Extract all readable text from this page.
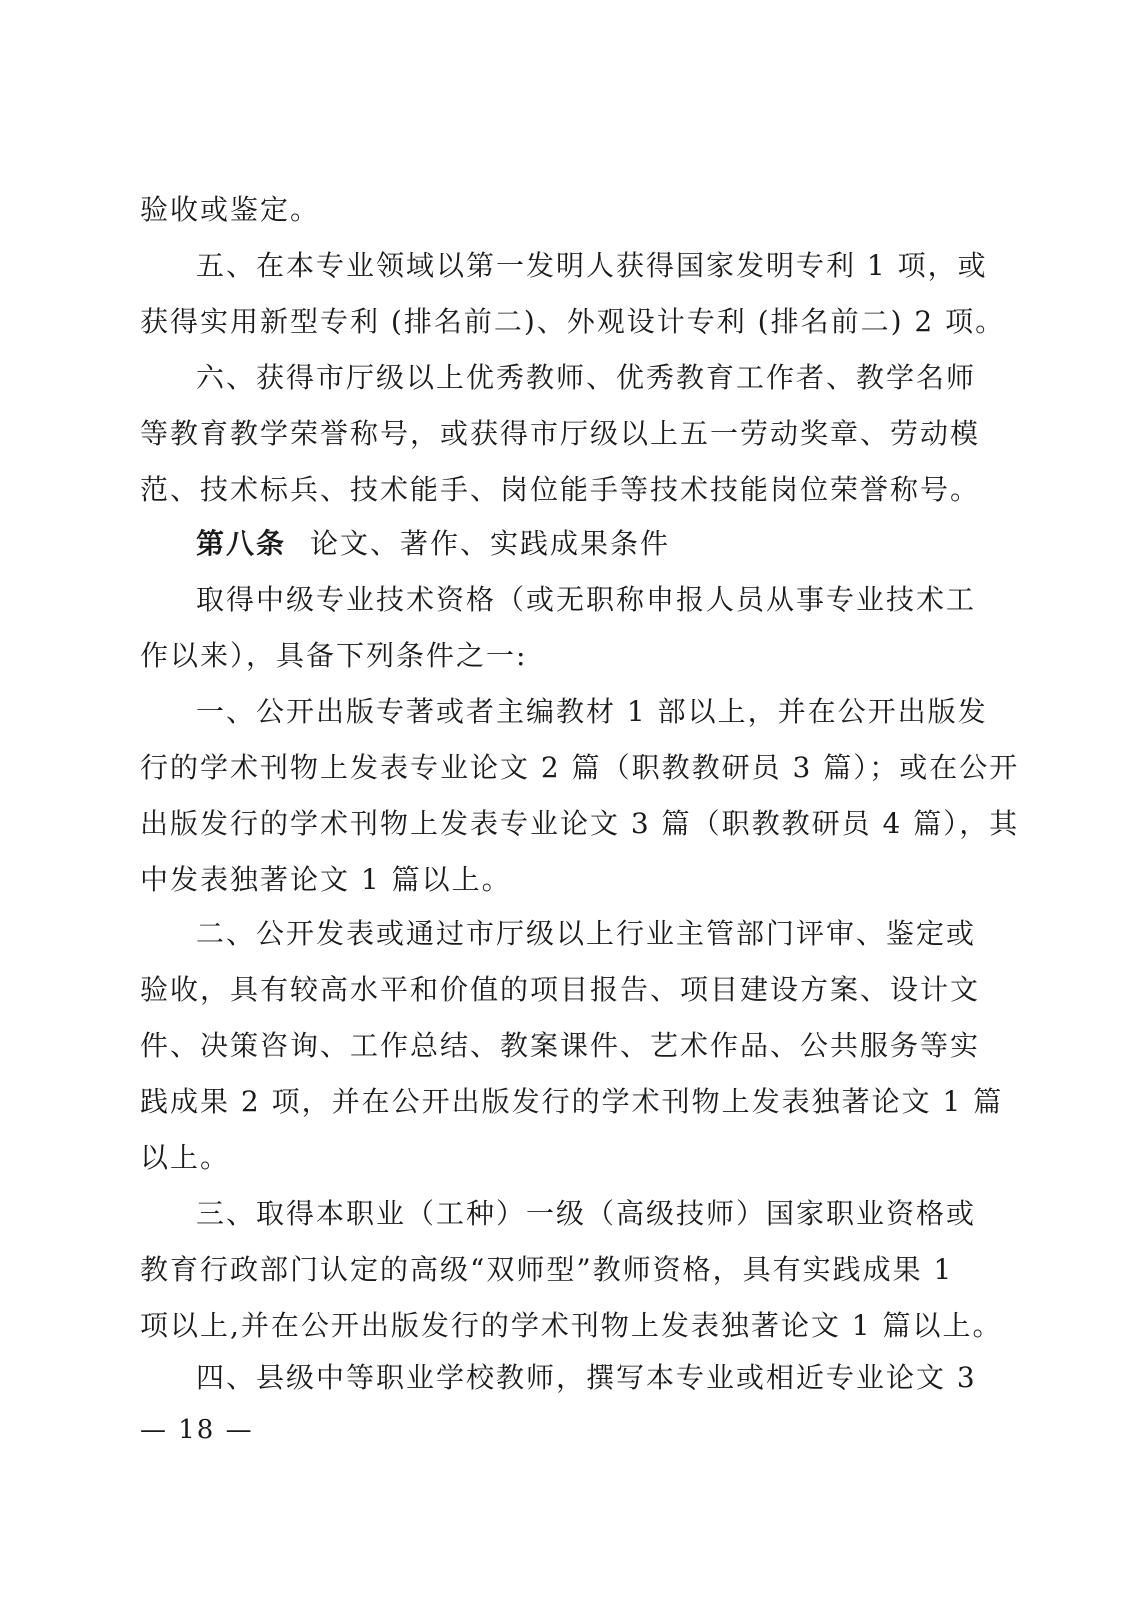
验收或鉴定。
五、在本专业领域以第一发明人获得国家发明专利 1 项，或
获得实用新型专利 (排名前二)、外观设计专利 (排名前二) 2 项。
六、获得市厅级以上优秀教师、优秀教育工作者、教学名师
等教育教学荣誉称号，或获得市厅级以上五一劳动奖章、劳动模
范、技术标兵、技术能手、岗位能手等技术技能岗位荣誉称号。
第八条 论文、著作、实践成果条件
取得中级专业技术资格（或无职称申报人员从事专业技术工
作以来），具备下列条件之一:
一、公开出版专著或者主编教材 1 部以上，并在公开出版发
行的学术刊物上发表专业论文 2 篇（职教教研员 3 篇）；或在公开
出版发行的学术刊物上发表专业论文 3 篇（职教教研员 4 篇），其
中发表独著论文 1 篇以上。
二、公开发表或通过市厅级以上行业主管部门评审、鉴定或
验收，具有较高水平和价值的项目报告、项目建设方案、设计文
件、决策咨询、工作总结、教案课件、艺术作品、公共服务等实
践成果 2 项，并在公开出版发行的学术刊物上发表独著论文 1 篇
以上。
三、取得本职业（工种）一级（高级技师）国家职业资格或
教育行政部门认定的高级“双师型”教师资格，具有实践成果 1
项以上,并在公开出版发行的学术刊物上发表独著论文 1 篇以上。
四、县级中等职业学校教师，撰写本专业或相近专业论文 3
— 18 —
